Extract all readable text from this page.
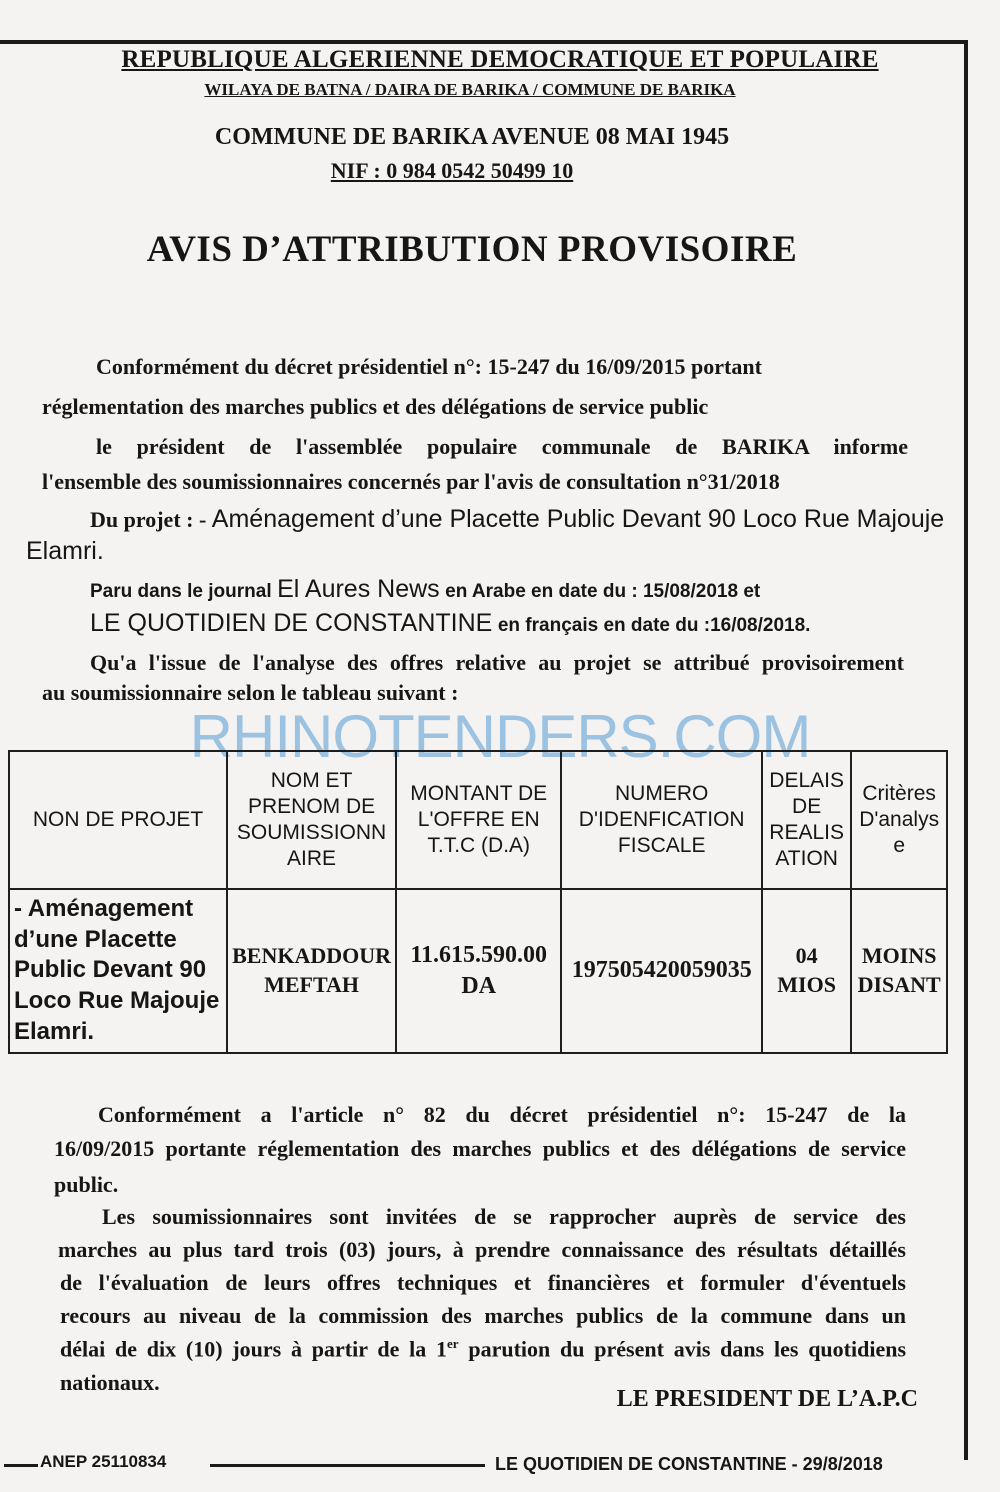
REPUBLIQUE ALGERIENNE DEMOCRATIQUE ET POPULAIRE

WILAYA DE BATNA / DAIRA DE BARIKA / COMMUNE DE BARIKA

COMMUNE DE BARIKA AVENUE 08 MAI 1945

NIF : 0 984 0542 50499 10

AVIS D’ATTRIBUTION PROVISOIRE

Conformément du décret présidentiel n°: 15-247 du 16/09/2015 portant

réglementation des marches publics et des délégations de service public

le président de l'assemblée populaire communale de BARIKA informe

l'ensemble des soumissionnaires concernés par l'avis de consultation n°31/2018

Du projet : - Aménagement d’une Placette Public Devant 90 Loco Rue Majouje

Elamri.

Paru dans le journal El Aures News en Arabe en date du : 15/08/2018 et

LE QUOTIDIEN DE CONSTANTINE en français en date du :16/08/2018.

Qu'a l'issue de l'analyse des offres relative au projet se attribué provisoirement

au soumissionnaire selon le tableau suivant :

RHINOTENDERS.COM

NON DE PROJET	NOM ET PRENOM DE SOUMISSIONN AIRE	MONTANT DE L'OFFRE EN T.T.C (D.A)	NUMERO D'IDENFICATION FISCALE	DELAIS DE REALIS ATION	Critères D'analys e
- Aménagement d’une Placette Public Devant 90 Loco Rue Majouje Elamri.	BENKADDOUR MEFTAH	11.615.590.00 DA	197505420059035	04 MIOS	MOINS DISANT

Conformément a l'article n° 82 du décret présidentiel n°: 15-247 de la

16/09/2015 portante réglementation des marches publics et des délégations de service

public.

Les soumissionnaires sont invitées de se rapprocher auprès de service des

marches au plus tard trois (03) jours, à prendre connaissance des résultats détaillés

de l'évaluation de leurs offres techniques et financières et formuler d'éventuels

recours au niveau de la commission des marches publics de la commune dans un

délai de dix (10) jours à partir de la 1er parution du présent avis dans les quotidiens

nationaux.

LE PRESIDENT DE L’A.P.C

ANEP 25110834	LE QUOTIDIEN DE CONSTANTINE - 29/8/2018
